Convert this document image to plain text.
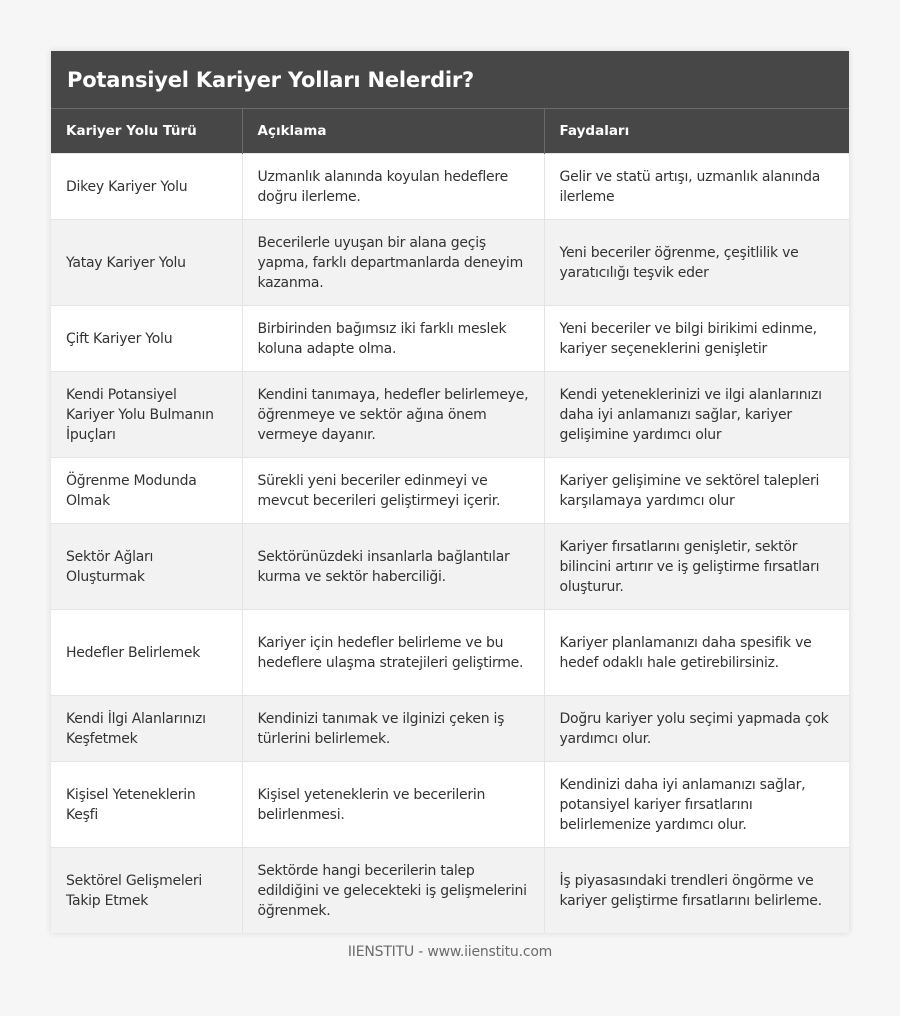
Potansiyel Kariyer Yolları Nelerdir?
Kariyer Yolu Türü	Açıklama	Faydaları
Dikey Kariyer Yolu	Uzmanlık alanında koyulan hedeflere doğru ilerleme.	Gelir ve statü artışı, uzmanlık alanında ilerleme
Yatay Kariyer Yolu	Becerilerle uyuşan bir alana geçiş yapma, farklı departmanlarda deneyim kazanma.	Yeni beceriler öğrenme, çeşitlilik ve yaratıcılığı teşvik eder
Çift Kariyer Yolu	Birbirinden bağımsız iki farklı meslek koluna adapte olma.	Yeni beceriler ve bilgi birikimi edinme, kariyer seçeneklerini genişletir
Kendi Potansiyel Kariyer Yolu Bulmanın İpuçları	Kendini tanımaya, hedefler belirlemeye, öğrenmeye ve sektör ağına önem vermeye dayanır.	Kendi yeteneklerinizi ve ilgi alanlarınızı daha iyi anlamanızı sağlar, kariyer gelişimine yardımcı olur
Öğrenme Modunda Olmak	Sürekli yeni beceriler edinmeyi ve mevcut becerileri geliştirmeyi içerir.	Kariyer gelişimine ve sektörel talepleri karşılamaya yardımcı olur
Sektör Ağları Oluşturmak	Sektörünüzdeki insanlarla bağlantılar kurma ve sektör haberciliği.	Kariyer fırsatlarını genişletir, sektör bilincini artırır ve iş geliştirme fırsatları oluşturur.
Hedefler Belirlemek	Kariyer için hedefler belirleme ve bu hedeflere ulaşma stratejileri geliştirme.	Kariyer planlamanızı daha spesifik ve hedef odaklı hale getirebilirsiniz.
Kendi İlgi Alanlarınızı Keşfetmek	Kendinizi tanımak ve ilginizi çeken iş türlerini belirlemek.	Doğru kariyer yolu seçimi yapmada çok yardımcı olur.
Kişisel Yeteneklerin Keşfi	Kişisel yeteneklerin ve becerilerin belirlenmesi.	Kendinizi daha iyi anlamanızı sağlar, potansiyel kariyer fırsatlarını belirlemenize yardımcı olur.
Sektörel Gelişmeleri Takip Etmek	Sektörde hangi becerilerin talep edildiğini ve gelecekteki iş gelişmelerini öğrenmek.	İş piyasasındaki trendleri öngörme ve kariyer geliştirme fırsatlarını belirleme.
IIENSTITU - www.iienstitu.com
